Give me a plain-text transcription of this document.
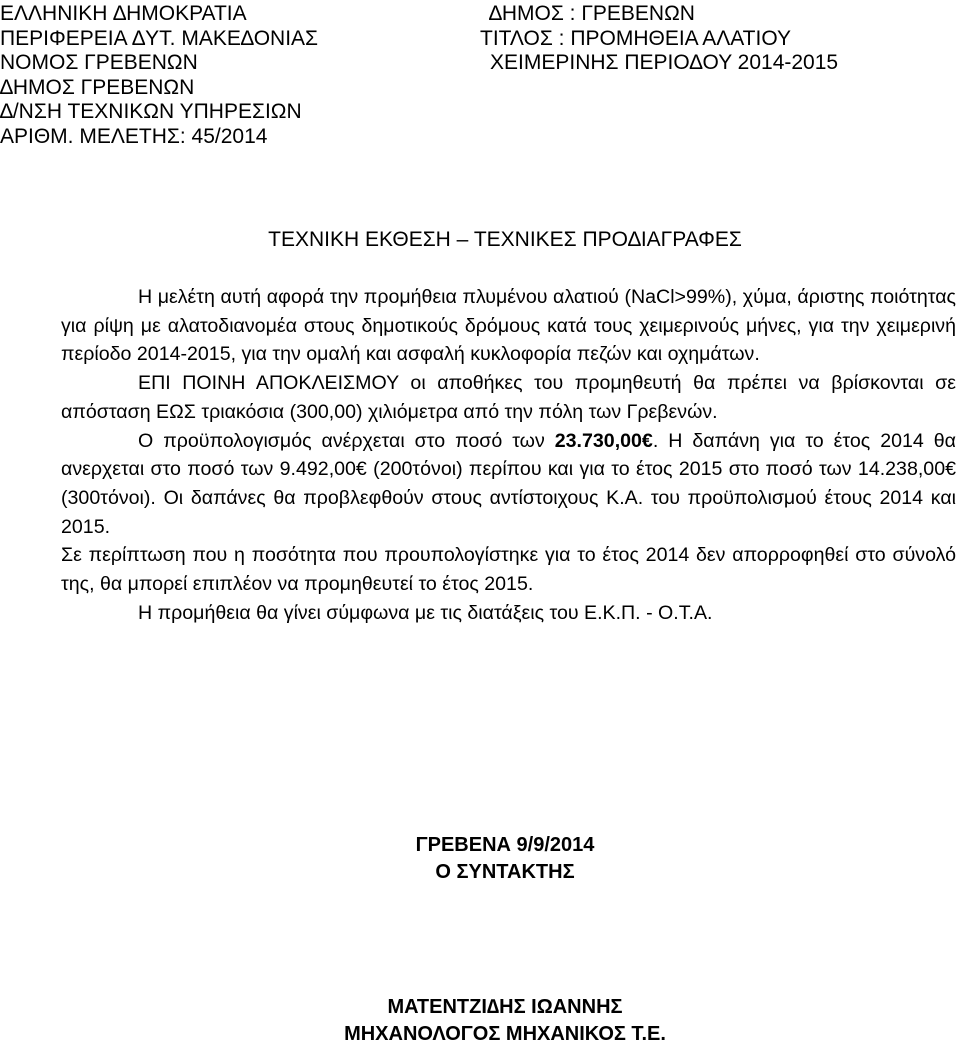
ΕΛΛΗΝΙΚΗ ∆ΗΜΟΚΡΑΤΙΑ
ΠΕΡΙΦΕΡΕΙΑ ∆ΥΤ. ΜΑΚΕ∆ΟΝΙΑΣ
ΝΟΜΟΣ ΓΡΕΒΕΝΩΝ
∆ΗΜΟΣ ΓΡΕΒΕΝΩΝ
∆/ΝΣΗ ΤΕΧΝΙΚΩΝ ΥΠΗΡΕΣΙΩΝ
ΑΡΙΘΜ. ΜΕΛΕΤΗΣ: 45/2014
∆ΗΜΟΣ : ΓΡΕΒΕΝΩΝ
ΤΙΤΛΟΣ : ΠΡΟΜΗΘΕΙΑ ΑΛΑΤΙΟΥ
ΧΕΙΜΕΡΙΝΗΣ ΠΕΡΙΟ∆ΟΥ 2014-2015
ΤΕΧΝΙΚΗ ΕΚΘΕΣΗ – ΤΕΧΝΙΚΕΣ ΠΡΟ∆ΙΑΓΡΑΦΕΣ

Η μελέτη αυτή αφορά την προμήθεια πλυμένου αλατιού (NaCl>99%), χύμα, άριστης ποιότητας για ρίψη με αλατοδιανομέα στους δημοτικούς δρόμους κατά τους χειμερινούς μήνες, για την χειμερινή περίοδο 2014-2015, για την ομαλή και ασφαλή κυκλοφορία πεζών και οχημάτων.

ΕΠΙ ΠΟΙΝΗ ΑΠΟΚΛΕΙΣΜΟΥ οι αποθήκες του προμηθευτή θα πρέπει να βρίσκονται σε απόσταση ΕΩΣ τριακόσια (300,00) χιλιόμετρα από την πόλη των Γρεβενών.

Ο προϋπολογισμός ανέρχεται στο ποσό των 23.730,00€. Η δαπάνη για το έτος 2014 θα ανερχεται στο ποσό των 9.492,00€ (200τόνοι) περίπου και για το έτος 2015 στο ποσό των 14.238,00€ (300τόνοι). Οι δαπάνες θα προβλεφθούν στους αντίστοιχους Κ.Α. του προϋπολισμού έτους 2014 και 2015.

Σε περίπτωση που η ποσότητα που προυπολογίστηκε για το έτος 2014 δεν απορροφηθεί στο σύνολό της, θα μπορεί επιπλέον να προμηθευτεί το έτος 2015.

Η προμήθεια θα γίνει σύμφωνα με τις διατάξεις του Ε.Κ.Π. - Ο.Τ.Α.

ΓΡΕΒΕΝΑ 9/9/2014
Ο ΣΥΝΤΑΚΤΗΣ
ΜΑΤΕΝΤΖΙ∆ΗΣ ΙΩΑΝΝΗΣ
ΜΗΧΑΝΟΛΟΓΟΣ ΜΗΧΑΝΙΚΟΣ Τ.Ε.
